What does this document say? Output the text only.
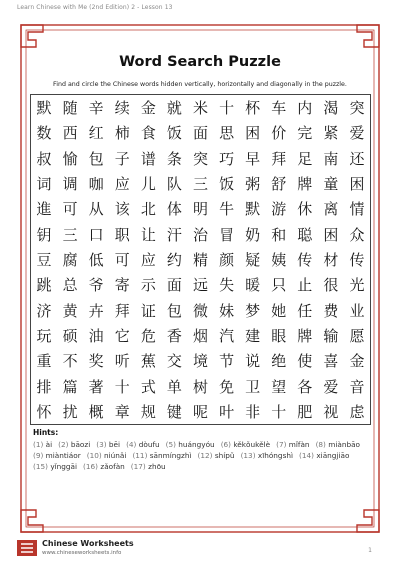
Learn Chinese with Me (2nd Edition) 2 - Lesson 13
Word Search Puzzle
Find and circle the Chinese words hidden vertically, horizontally and diagonally in the puzzle.
默 随 辛 续 金 就 米 十 杯 车 内 渴 突
数 西 红 柿 食 饭 面 思 困 价 完 紧 爱
叔 愉 包 子 谱 条 突 巧 早 拜 足 南 还
词 调 咖 应 儿 队 三 饭 粥 舒 牌 童 困
進 可 从 该 北 体 明 牛 默 游 休 离 情
钥 三 口 职 让 汗 治 冒 奶 和 聪 困 众
豆 腐 低 可 应 约 精 颜 疑 姨 传 材 传
跳 总 爷 寄 示 面 远 失 暖 只 止 很 光
济 黄 卉 拜 证 包 微 妹 梦 她 任 费 业
玩 硕 油 它 危 香 烟 汽 建 眼 牌 输 愿
重 不 奖 听 蕉 交 境 节 说 绝 使 喜 金
排 篇 著 十 式 单 树 免 卫 望 各 爱 音
怀 扰 概 章 规 键 呢 叶 非 十 肥 视 虑
Hints:
(1) ài (2) bāozi (3) bēi (4) dòufu (5) huángyóu (6) kěkǒukělè (7) mǐfàn (8) miànbāo
(9) miàntiáor (10) niúnǎi (11) sānmíngzhì (12) shípǔ (13) xīhóngshì (14) xiāngjiāo
(15) yǐnggāi (16) zǎofàn (17) zhōu
Chinese Worksheets
www.chineseworksheets.info	1
